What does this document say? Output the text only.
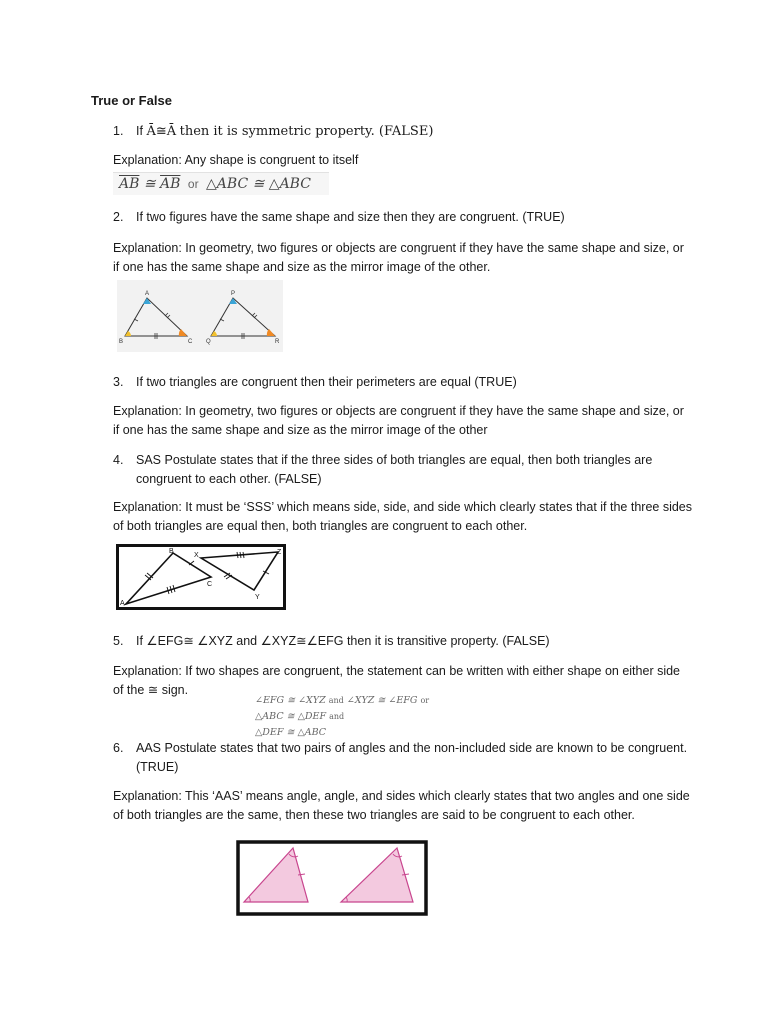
True or False
1.	If Ā≅Ā then it is symmetric property. (FALSE)
Explanation: Any shape is congruent to itself
$\overline{AB}$ ≅ $\overline{AB}$ or △ABC ≅ △ABC
2.	If two figures have the same shape and size then they are congruent. (TRUE)
Explanation: In geometry, two figures or objects are congruent if they have the same shape and size, or if one has the same shape and size as the mirror image of the other.
A
B	C
P
Q	R
3.	If two triangles are congruent then their perimeters are equal (TRUE)
Explanation: In geometry, two figures or objects are congruent if they have the same shape and size, or if one has the same shape and size as the mirror image of the other
4.	SAS Postulate states that if the three sides of both triangles are equal, then both triangles are congruent to each other. (FALSE)
Explanation: It must be ‘SSS’ which means side, side, and side which clearly states that if the three sides of both triangles are equal then, both triangles are congruent to each other.
B
X	Z
C
A
Y
5.	If ∠EFG≅ ∠XYZ and ∠XYZ≅∠EFG then it is transitive property. (FALSE)
Explanation: If two shapes are congruent, the statement can be written with either shape on either side of the ≅ sign.
∠EFG ≅ ∠XYZ and ∠XYZ ≅ ∠EFG or △ABC ≅ △DEF and
△DEF ≅ △ABC
6.	AAS Postulate states that two pairs of angles and the non-included side are known to be congruent. (TRUE)
Explanation: This ‘AAS’ means angle, angle, and sides which clearly states that two angles and one side of both triangles are the same, then these two triangles are said to be congruent to each other.
